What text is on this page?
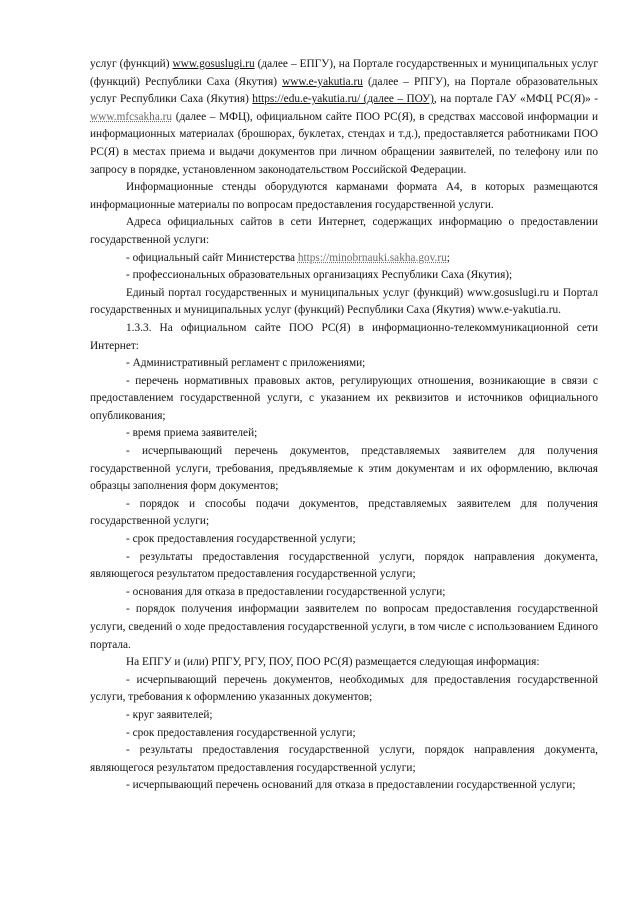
услуг (функций) www.gosuslugi.ru (далее – ЕПГУ), на Портале государственных и муниципальных услуг (функций) Республики Саха (Якутия) www.e-yakutia.ru (далее – РПГУ), на Портале образовательных услуг Республики Саха (Якутия) https://edu.e-yakutia.ru/ (далее – ПОУ), на портале ГАУ «МФЦ РС(Я)» - www.mfcsakha.ru (далее – МФЦ), официальном сайте ПОО РС(Я), в средствах массовой информации и информационных материалах (брошюрах, буклетах, стендах и т.д.), предоставляется работниками ПОО РС(Я) в местах приема и выдачи документов при личном обращении заявителей, по телефону или по запросу в порядке, установленном законодательством Российской Федерации.

Информационные стенды оборудуются карманами формата А4, в которых размещаются информационные материалы по вопросам предоставления государственной услуги.

Адреса официальных сайтов в сети Интернет, содержащих информацию о предоставлении государственной услуги:

- официальный сайт Министерства https://minobrnauki.sakha.gov.ru;

- профессиональных образовательных организациях Республики Саха (Якутия);

Единый портал государственных и муниципальных услуг (функций) www.gosuslugi.ru и Портал государственных и муниципальных услуг (функций) Республики Саха (Якутия) www.e-yakutia.ru.

1.3.3. На официальном сайте ПОО РС(Я) в информационно-телекоммуникационной сети Интернет:

- Административный регламент с приложениями;

- перечень нормативных правовых актов, регулирующих отношения, возникающие в связи с предоставлением государственной услуги, с указанием их реквизитов и источников официального опубликования;

- время приема заявителей;

- исчерпывающий перечень документов, представляемых заявителем для получения государственной услуги, требования, предъявляемые к этим документам и их оформлению, включая образцы заполнения форм документов;

- порядок и способы подачи документов, представляемых заявителем для получения государственной услуги;

- срок предоставления государственной услуги;

- результаты предоставления государственной услуги, порядок направления документа, являющегося результатом предоставления государственной услуги;

- основания для отказа в предоставлении государственной услуги;

- порядок получения информации заявителем по вопросам предоставления государственной услуги, сведений о ходе предоставления государственной услуги, в том числе с использованием Единого портала.

На ЕПГУ и (или) РПГУ, РГУ, ПОУ, ПОО РС(Я) размещается следующая информация:

- исчерпывающий перечень документов, необходимых для предоставления государственной услуги, требования к оформлению указанных документов;

- круг заявителей;

- срок предоставления государственной услуги;

- результаты предоставления государственной услуги, порядок направления документа, являющегося результатом предоставления государственной услуги;

- исчерпывающий перечень оснований для отказа в предоставлении государственной услуги;
